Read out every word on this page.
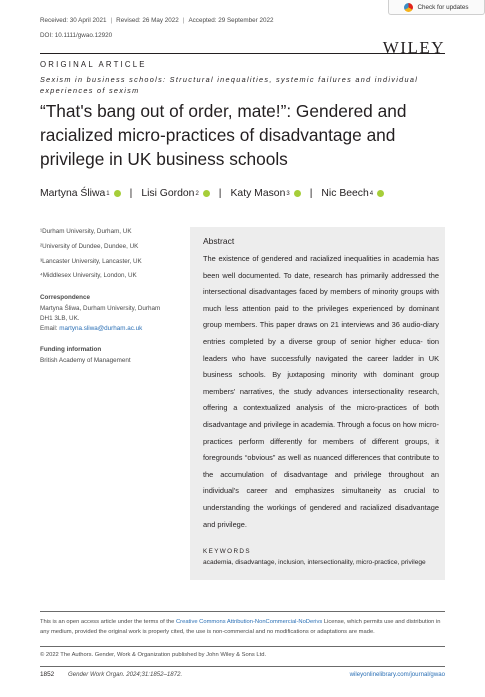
Received: 30 April 2021 | Revised: 26 May 2022 | Accepted: 29 September 2022
DOI: 10.1111/gwao.12920
Check for updates
WILEY
ORIGINAL ARTICLE
Sexism in business schools: Structural inequalities, systemic failures and individual experiences of sexism
“That's bang out of order, mate!”: Gendered and racialized micro-practices of disadvantage and privilege in UK business schools
Martyna Śliwa 1 | Lisi Gordon 2 | Katy Mason 3 | Nic Beech 4
¹Durham University, Durham, UK
²University of Dundee, Dundee, UK
³Lancaster University, Lancaster, UK
⁴Middlesex University, London, UK
Correspondence
Martyna Śliwa, Durham University, Durham
DH1 3LB, UK.
Email: martyna.sliwa@durham.ac.uk
Funding information
British Academy of Management
Abstract

The existence of gendered and racialized inequalities in academia has been well documented. To date, research has primarily addressed the intersectional disadvantages faced by members of minority groups with much less attention paid to the privileges experienced by dominant group members. This paper draws on 21 interviews and 36 audio-diary entries completed by a diverse group of senior higher educa- tion leaders who have successfully navigated the career ladder in UK business schools. By juxtaposing minority with dominant group members' narratives, the study advances intersectionality research, offering a contextualized analysis of the micro-practices of both disadvantage and privilege in academia. Through a focus on how micro-practices perform differently for members of different groups, it foregrounds “obvious” as well as nuanced differences that contribute to the accumulation of disadvantage and privilege throughout an individual's career and emphasizes simultaneity as crucial to understanding the workings of gendered and racialized disadvantage and privilege.

KEYWORDS
academia, disadvantage, inclusion, intersectionality, micro-practice, privilege
This is an open access article under the terms of the Creative Commons Attribution-NonCommercial-NoDerivs License, which permits use and distribution in any medium, provided the original work is properly cited, the use is non-commercial and no modifications or adaptations are made.
© 2022 The Authors. Gender, Work & Organization published by John Wiley & Sons Ltd.
1852 Gender Work Organ. 2024;31:1852–1872.	wileyonlinelibrary.com/journal/gwao
